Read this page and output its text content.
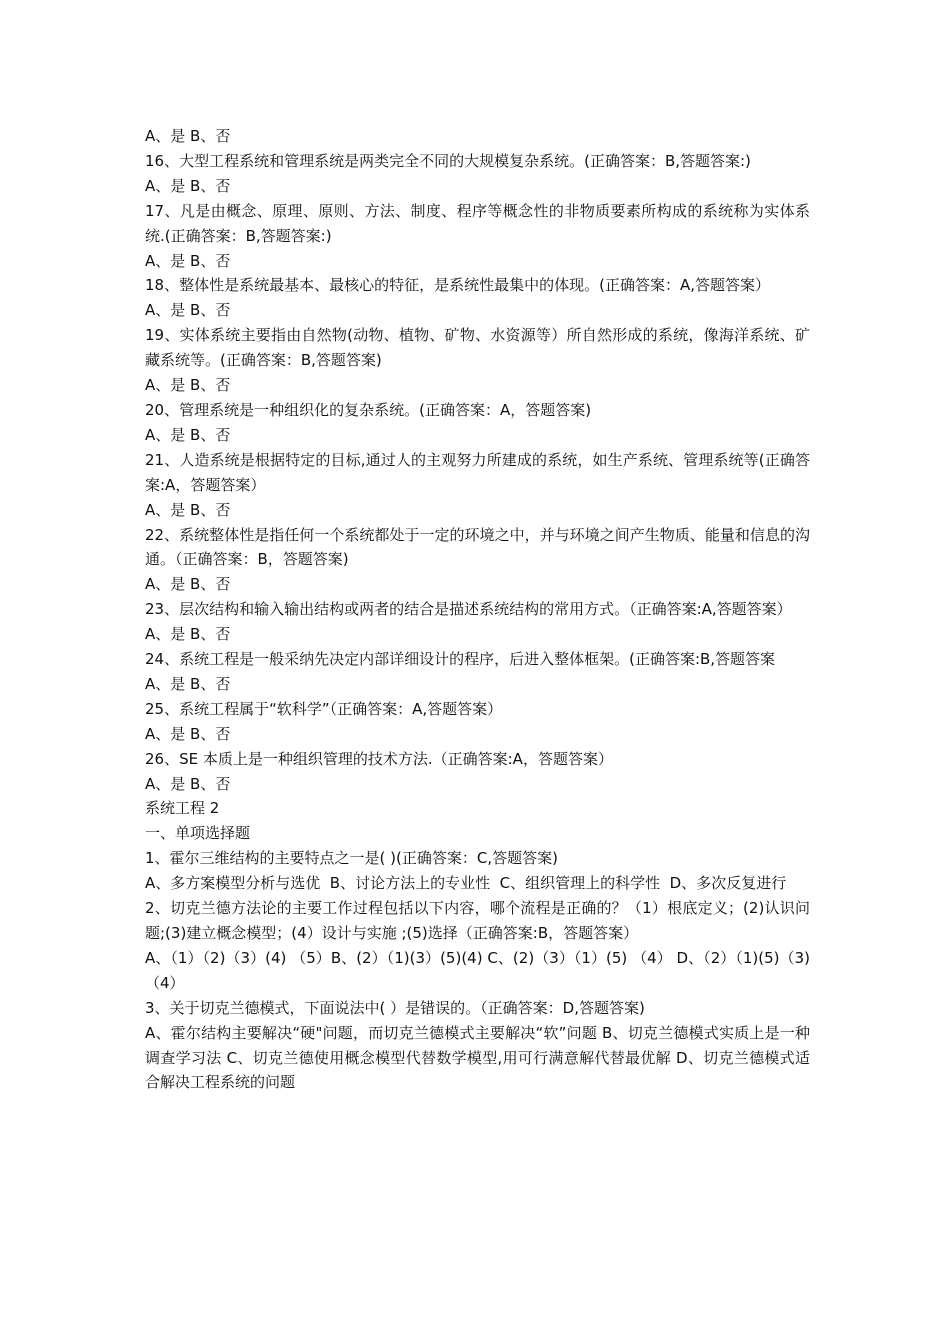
A、是 B、否
16、大型工程系统和管理系统是两类完全不同的大规模复杂系统。(正确答案：B,答题答案:)
A、是 B、否
17、凡是由概念、原理、原则、方法、制度、程序等概念性的非物质要素所构成的系统称为实体系统.(正确答案：B,答题答案:)
A、是 B、否
18、整体性是系统最基本、最核心的特征，是系统性最集中的体现。(正确答案：A,答题答案）
A、是 B、否
19、实体系统主要指由自然物(动物、植物、矿物、水资源等）所自然形成的系统，像海洋系统、矿藏系统等。(正确答案：B,答题答案)
A、是 B、否
20、管理系统是一种组织化的复杂系统。(正确答案：A，答题答案)
A、是 B、否
21、人造系统是根据特定的目标,通过人的主观努力所建成的系统，如生产系统、管理系统等(正确答案:A，答题答案）
A、是 B、否
22、系统整体性是指任何一个系统都处于一定的环境之中，并与环境之间产生物质、能量和信息的沟通。（正确答案：B，答题答案)
A、是 B、否
23、层次结构和输入输出结构或两者的结合是描述系统结构的常用方式。（正确答案:A,答题答案）
A、是 B、否
24、系统工程是一般采纳先决定内部详细设计的程序，后进入整体框架。(正确答案:B,答题答案
A、是 B、否
25、系统工程属于“软科学”（正确答案：A,答题答案）
A、是 B、否
26、SE 本质上是一种组织管理的技术方法.（正确答案:A，答题答案）
A、是 B、否
系统工程 2
一、单项选择题
1、霍尔三维结构的主要特点之一是( )(正确答案：C,答题答案)
A、多方案模型分析与选优  B、讨论方法上的专业性  C、组织管理上的科学性  D、多次反复进行
2、切克兰德方法论的主要工作过程包括以下内容，哪个流程是正确的？（1）根底定义；(2)认识问题;(3)建立概念模型；(4）设计与实施 ;(5)选择（正确答案:B，答题答案）
A、（1）（2)（3）(4) （5）B、(2）（1)(3）(5)(4) C、(2)（3）（1）(5) （4） D、（2）（1)(5)（3)（4）
3、关于切克兰德模式，下面说法中( ）是错误的。（正确答案：D,答题答案)
A、霍尔结构主要解决“硬"问题，而切克兰德模式主要解决“软”问题 B、切克兰德模式实质上是一种调查学习法 C、切克兰德使用概念模型代替数学模型,用可行满意解代替最优解 D、切克兰德模式适合解决工程系统的问题
